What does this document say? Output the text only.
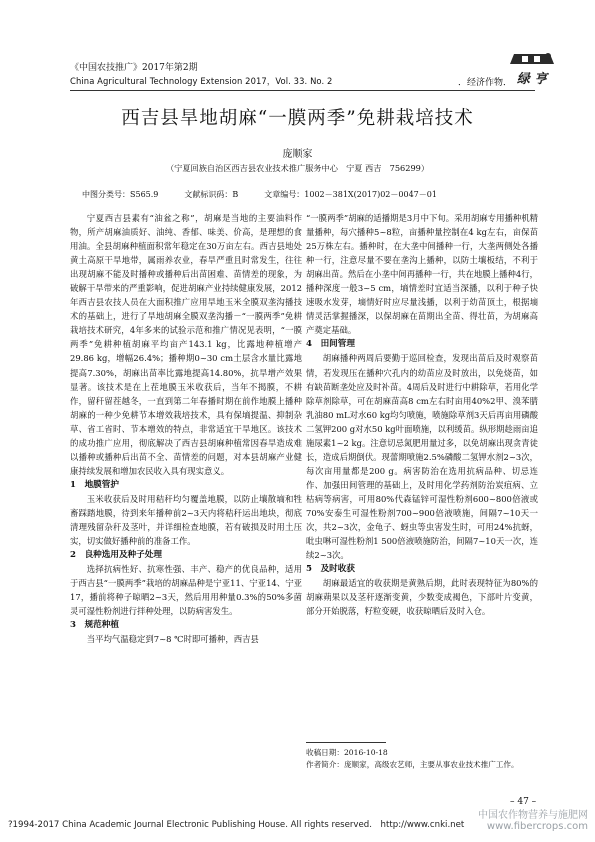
《中国农技推广》2017年第2期
China Agricultural Technology Extension 2017，Vol. 33. No. 2	．经济作物． 绿 亨
西吉县旱地胡麻“一膜两季”免耕栽培技术
庞顺家
（宁夏回族自治区西吉县农业技术推广服务中心　宁夏 西吉　756299）
中图分类号：S565.9	文献标识码：B	文章编号：1002－381X(2017)02－0047－01

宁夏西吉县素有“油盆之称”，胡麻是当地的主要油料作物，所产胡麻油质好、油纯、香郁、味美、价高，是理想的食用油。全县胡麻种植面积常年稳定在30万亩左右。西吉县地处黄土高原干旱地带，属雨养农业，春旱严重且时常发生，往往出现胡麻不能及时播种或播种后出苗困难、苗情差的现象，为破解干旱带来的严重影响，促进胡麻产业持续健康发展，2012年西吉县农技人员在大面积推广应用旱地玉米全膜双垄沟播技术的基础上，进行了旱地胡麻全膜双垄沟播－“一膜两季”免耕栽培技术研究，4年多来的试验示范和推广情况见表明，“一膜两季”免耕种植胡麻平均亩产143.1 kg，比露地种植增产29.86 kg，增幅26.4%；播种期0~30 cm土层含水量比露地提高7.30%，胡麻出苗率比露地提高14.80%，抗旱增产效果显著。该技术是在上茬地膜玉米收获后，当年不揭膜，不耕作，留秆留茬越冬，一直到第二年春播时期在前作地膜上播种胡麻的一种少免耕节本增效栽培技术，具有保墒提温、抑制杂草、省工省时、节本增效的特点，非常适宜干旱地区。该技术的成功推广应用，彻底解决了西吉县胡麻种植常因春旱造成难以播种或播种后出苗不全、苗情差的问题，对本县胡麻产业健康持续发展和增加农民收入具有现实意义。

1　地膜管护

玉米收获后及时用秸秆均匀覆盖地膜，以防止壤散墒和牲畜踩踏地膜，待到来年播种前2~3天内将秸秆运出地块，彻底清理残留杂秆及茎叶，并详细检查地膜，若有破损及时用土压实，切实做好播种前的准备工作。

2　良种选用及种子处理

选择抗病性好、抗寒性强、丰产、稳产的优良品种，适用于西吉县“一膜两季”栽培的胡麻品种是宁亚11、宁亚14、宁亚17，播前将种子晾晒2~3天，然后用用种量0.3%的50%多菌灵可湿性粉剂进行拌种处理，以防病害发生。

3　规范种植

当平均气温稳定到7~8 ℃时即可播种，西吉县

“一膜两季”胡麻的适播期是3月中下旬。采用胡麻专用播种机精量播种，每穴播种5~8粒，亩播种量控制在4 kg左右，亩保苗25万株左右。播种时，在大垄中间播种一行，大垄两侧处各播种一行，注意尽量不要在垄沟上播种，以防土壤板结，不利于胡麻出苗。然后在小垄中间再播种一行，共在地膜上播种4行，播种深度一般3~5 cm，墒情差时宜适当深播，以利于种子快速吸水发芽，墒情好时应尽量浅播，以利于幼苗顶土，根据墒情灵活掌握播深，以保胡麻在苗期出全苗、得壮苗，为胡麻高产奠定基础。

4　田间管理

胡麻播种两周后要勤于巡回检查，发现出苗后及时观察苗情，若发现压在播种穴孔内的幼苗应及时放出，以免烧苗，如有缺苗断垄处应及时补苗。4周后及时进行中耕除草，若用化学除草剂除草，可在胡麻苗高8 cm左右时亩用40%2甲、溴苯腈乳油80 mL对水60 kg均匀喷施，喷施除草剂3天后再亩用磷酸二氢钾200 g对水50 kg叶面喷施，以利缓苗。纵形期趁雨亩追施尿素1~2 kg。注意切忌氮肥用量过多，以免胡麻出现贪青徒长，造成后期倒伏。现蕾期喷施2.5%磷酸二氢钾水剂2~3次，每次亩用量都是200 g。病害防治在选用抗病品种、切忌连作、加强田间管理的基础上，及时用化学药剂防治炭疽病、立枯病等病害，可用80%代森锰锌可湿性粉剂600~800倍液或70%安泰生可湿性粉剂700~900倍液喷施，间隔7~10天一次，共2~3次，金龟子、蚜虫等虫害发生时，可用24%抗蚜，吡虫啉可湿性粉剂1 500倍液喷施防治，间隔7~10天一次，连续2~3次。

5　及时收获

胡麻最适宜的收获期是黄熟后期，此时表现特征为80%的胡麻蒴果以及茎秆逐渐变黄，少数变成褐色，下部叶片变黄，部分开始脱落，籽粒变硬，收获晾晒后及时入仓。

收稿日期：2016-10-18
作者简介：庞顺家，高级农艺师，主要从事农业技术推广工作。
– 47 –
?1994-2017 China Academic Journal Electronic Publishing House. All rights reserved.　http://www.cnki.net
中国农作物营养与施肥网 www.fibercrops.com
